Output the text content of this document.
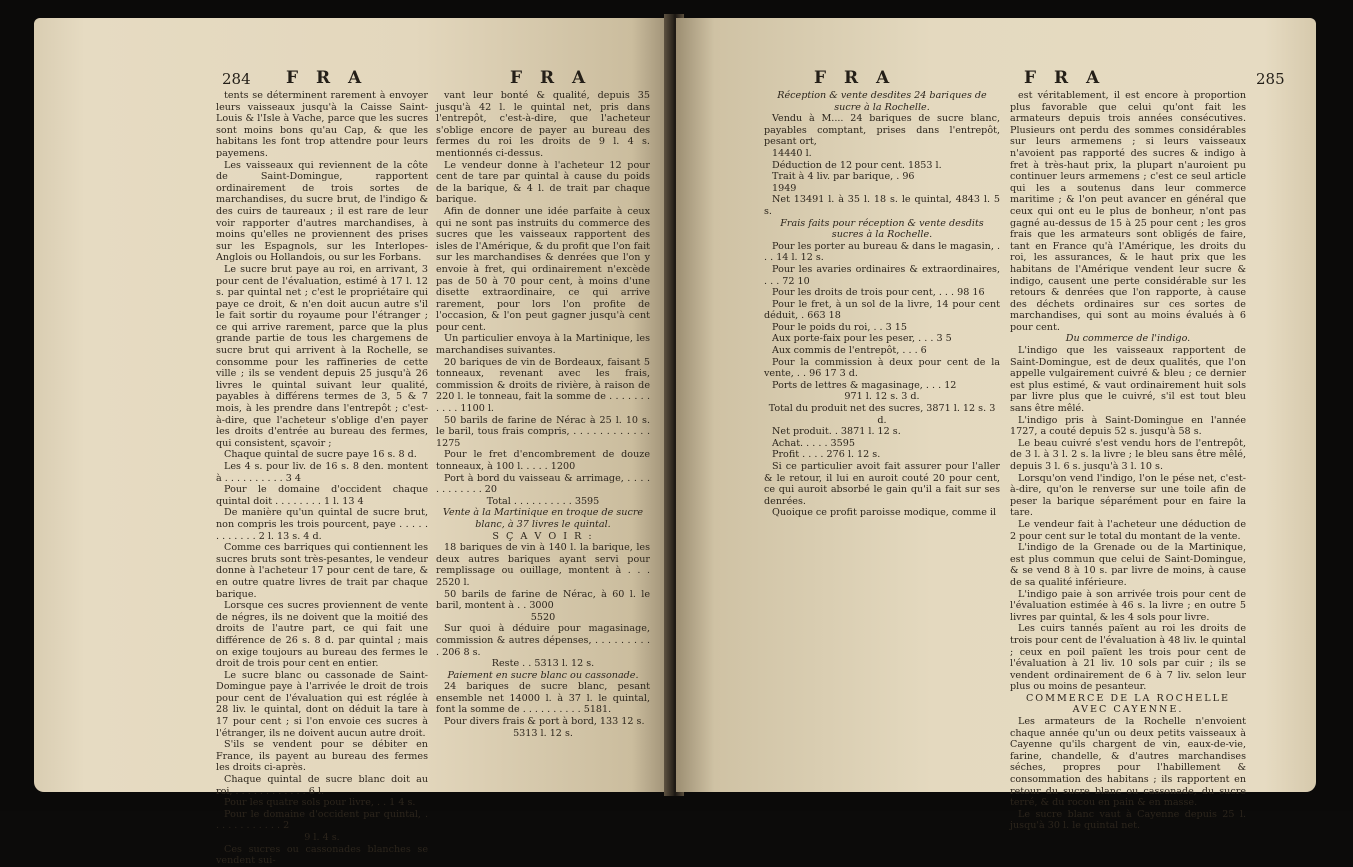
284 F R A	F R A

tents se déterminent rarement à envoyer leurs vaisseaux jusqu'à la Caisse Saint-Louis & l'Isle à Vache, parce que les sucres sont moins bons qu'au Cap, & que les habitans les font trop attendre pour leurs payemens.

Les vaisseaux qui reviennent de la côte de Saint-Domingue, rapportent ordinairement de trois sortes de marchandises, du sucre brut, de l'indigo & des cuirs de taureaux ; il est rare de leur voir rapporter d'autres marchandises, à moins qu'elles ne proviennent des prises sur les Espagnols, sur les Interlopes-Anglois ou Hollandois, ou sur les Forbans.

Le sucre brut paye au roi, en arrivant, 3 pour cent de l'évaluation, estimé à 17 l. 12 s. par quintal net ; c'est le propriétaire qui paye ce droit, & n'en doit aucun autre s'il le fait sortir du royaume pour l'étranger ; ce qui arrive rarement, parce que la plus grande partie de tous les chargemens de sucre brut qui arrivent à la Rochelle, se consomme pour les raffineries de cette ville ; ils se vendent depuis 25 jusqu'à 26 livres le quintal suivant leur qualité, payables à différens termes de 3, 5 & 7 mois, à les prendre dans l'entrepôt ; c'est-à-dire, que l'acheteur s'oblige d'en payer les droits d'entrée au bureau des fermes, qui consistent, sçavoir ;

Chaque quintal de sucre paye 16 s. 8 d.

Les 4 s. pour liv. de 16 s. 8 den. montent à . . . . . . . . . . 3 4

Pour le domaine d'occident chaque quintal doit . . . . . . . . 1 l. 13 4

De manière qu'un quintal de sucre brut, non compris les trois pourcent, paye . . . . . . . . . . . . 2 l. 13 s. 4 d.

Comme ces barriques qui contiennent les sucres bruts sont très-pesantes, le vendeur donne à l'acheteur 17 pour cent de tare, & en outre quatre livres de trait par chaque barique.

Lorsque ces sucres proviennent de vente de négres, ils ne doivent que la moitié des droits de l'autre part, ce qui fait une différence de 26 s. 8 d. par quintal ; mais on exige toujours au bureau des fermes le droit de trois pour cent en entier.

Le sucre blanc ou cassonade de Saint-Domingue paye à l'arrivée le droit de trois pour cent de l'évaluation qui est réglée à 28 liv. le quintal, dont on déduit la tare à 17 pour cent ; si l'on envoie ces sucres à l'étranger, ils ne doivent aucun autre droit.

S'ils se vendent pour se débiter en France, ils payent au bureau des fermes les droits ci-après.

Chaque quintal de sucre blanc doit au roi, . . . . . . . . . . . . 6 l.

Pour les quatre sols pour livre, . . 1 4 s.

Pour le domaine d'occident par quintal, . . . . . . . . . . . . 2

9 l. 4 s.

Ces sucres ou cassonades blanches se vendent sui-

vant leur bonté & qualité, depuis 35 jusqu'à 42 l. le quintal net, pris dans l'entrepôt, c'est-à-dire, que l'acheteur s'oblige encore de payer au bureau des fermes du roi les droits de 9 l. 4 s. mentionnés ci-dessus.

Le vendeur donne à l'acheteur 12 pour cent de tare par quintal à cause du poids de la barique, & 4 l. de trait par chaque barique.

Afin de donner une idée parfaite à ceux qui ne sont pas instruits du commerce des sucres que les vaisseaux rapportent des isles de l'Amérique, & du profit que l'on fait sur les marchandises & denrées que l'on y envoie à fret, qui ordinairement n'excède pas de 50 à 70 pour cent, à moins d'une disette extraordinaire, ce qui arrive rarement, pour lors l'on profite de l'occasion, & l'on peut gagner jusqu'à cent pour cent.

Un particulier envoya à la Martinique, les marchandises suivantes.

20 bariques de vin de Bordeaux, faisant 5 tonneaux, revenant avec les frais, commission & droits de rivière, à raison de 220 l. le tonneau, fait la somme de . . . . . . . . . . . 1100 l.

50 barils de farine de Nérac à 25 l. 10 s. le baril, tous frais compris, . . . . . . . . . . . . 1275

Pour le fret d'encombrement de douze tonneaux, à 100 l. . . . . 1200

Port à bord du vaisseau & arrimage, . . . . . . . . . . . . 20

Total . . . . . . . . . . 3595

Vente à la Martinique en troque de sucre blanc, à 37 livres le quintal.

S Ç A V O I R :

18 bariques de vin à 140 l. la barique, les deux autres bariques ayant servi pour remplissage ou ouillage, montent à . . . 2520 l.

50 barils de farine de Nérac, à 60 l. le baril, montent à . . 3000

5520

Sur quoi à déduire pour magasinage, commission & autres dépenses, . . . . . . . . . . 206 8 s.

Reste . . 5313 l. 12 s.

Paiement en sucre blanc ou cassonade.

24 bariques de sucre blanc, pesant ensemble net 14000 l. à 37 l. le quintal, font la somme de . . . . . . . . . . 5181.

Pour divers frais & port à bord, 133 12 s.

5313 l. 12 s.

F R A	F R A	285

Réception & vente desdites 24 bariques de sucre à la Rochelle.

Vendu à M.... 24 bariques de sucre blanc, payables comptant, prises dans l'entrepôt, pesant ort,

14440 l.

Déduction de 12 pour cent. 1853 l.

Trait à 4 liv. par barique, . 96

1949

Net 13491 l. à 35 l. 18 s. le quintal, 4843 l. 5 s.

Frais faits pour réception & vente desdits sucres à la Rochelle.

Pour les porter au bureau & dans le magasin, . . . 14 l. 12 s.

Pour les avaries ordinaires & extraordinaires, . . . 72 10

Pour les droits de trois pour cent, . . . 98 16

Pour le fret, à un sol de la livre, 14 pour cent déduit, . 663 18

Pour le poids du roi, . . 3 15

Aux porte-faix pour les peser, . . . 3 5

Aux commis de l'entrepôt, . . . 6

Pour la commission à deux pour cent de la vente, . . 96 17 3 d.

Ports de lettres & magasinage, . . . 12

971 l. 12 s. 3 d.

Total du produit net des sucres, 3871 l. 12 s. 3 d.

Net produit. . 3871 l. 12 s.

Achat. . . . . 3595

Profit . . . . 276 l. 12 s.

Si ce particulier avoit fait assurer pour l'aller & le retour, il lui en auroit couté 20 pour cent, ce qui auroit absorbé le gain qu'il a fait sur ses denrées.

Quoique ce profit paroisse modique, comme il

est véritablement, il est encore à proportion plus favorable que celui qu'ont fait les armateurs depuis trois années consécutives. Plusieurs ont perdu des sommes considérables sur leurs armemens ; si leurs vaisseaux n'avoient pas rapporté des sucres & indigo à fret à très-haut prix, la plupart n'auroient pu continuer leurs armemens ; c'est ce seul article qui les a soutenus dans leur commerce maritime ; & l'on peut avancer en général que ceux qui ont eu le plus de bonheur, n'ont pas gagné au-dessus de 15 à 25 pour cent ; les gros frais que les armateurs sont obligés de faire, tant en France qu'à l'Amérique, les droits du roi, les assurances, & le haut prix que les habitans de l'Amérique vendent leur sucre & indigo, causent une perte considérable sur les retours & denrées que l'on rapporte, à cause des déchets ordinaires sur ces sortes de marchandises, qui sont au moins évalués à 6 pour cent.

Du commerce de l'indigo.

L'indigo que les vaisseaux rapportent de Saint-Domingue, est de deux qualités, que l'on appelle vulgairement cuivré & bleu ; ce dernier est plus estimé, & vaut ordinairement huit sols par livre plus que le cuivré, s'il est tout bleu sans être mêlé.

L'indigo pris à Saint-Domingue en l'année 1727, a couté depuis 52 s. jusqu'à 58 s.

Le beau cuivré s'est vendu hors de l'entrepôt, de 3 l. à 3 l. 2 s. la livre ; le bleu sans être mêlé, depuis 3 l. 6 s. jusqu'à 3 l. 10 s.

Lorsqu'on vend l'indigo, l'on le pése net, c'est-à-dire, qu'on le renverse sur une toile afin de peser la barique séparément pour en faire la tare.

Le vendeur fait à l'acheteur une déduction de 2 pour cent sur le total du montant de la vente.

L'indigo de la Grenade ou de la Martinique, est plus commun que celui de Saint-Domingue, & se vend 8 à 10 s. par livre de moins, à cause de sa qualité inférieure.

L'indigo paie à son arrivée trois pour cent de l'évaluation estimée à 46 s. la livre ; en outre 5 livres par quintal, & les 4 sols pour livre.

Les cuirs tannés païent au roi les droits de trois pour cent de l'évaluation à 48 liv. le quintal ; ceux en poil païent les trois pour cent de l'évaluation à 21 liv. 10 sols par cuir ; ils se vendent ordinairement de 6 à 7 liv. selon leur plus ou moins de pesanteur.

COMMERCE DE LA ROCHELLE AVEC CAYENNE.

Les armateurs de la Rochelle n'envoient chaque année qu'un ou deux petits vaisseaux à Cayenne qu'ils chargent de vin, eaux-de-vie, farine, chandelle, & d'autres marchandises séches, propres pour l'habillement & consommation des habitans ; ils rapportent en retour du sucre blanc ou cassonade, du sucre terré, & du rocou en pain & en masse.

Le sucre blanc vaut à Cayenne depuis 25 l. jusqu'à 30 l. le quintal net.
